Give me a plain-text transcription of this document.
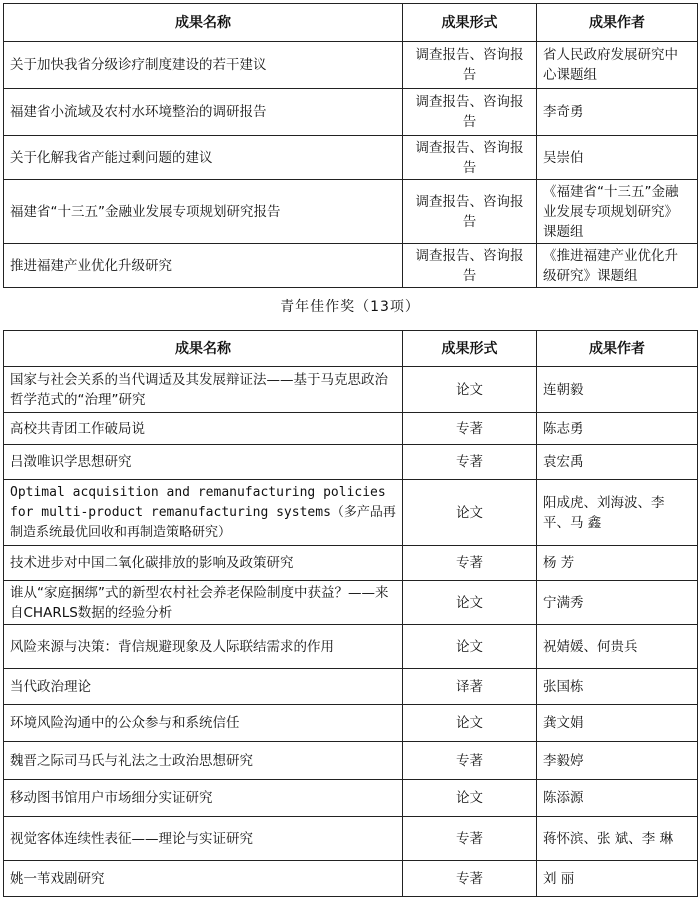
成果名称	成果形式	成果作者
关于加快我省分级诊疗制度建设的若干建议	调查报告、咨询报告	省人民政府发展研究中心课题组
福建省小流域及农村水环境整治的调研报告	调查报告、咨询报告	李奇勇
关于化解我省产能过剩问题的建议	调查报告、咨询报告	吴崇伯
福建省“十三五”金融业发展专项规划研究报告	调查报告、咨询报告	《福建省“十三五”金融业发展专项规划研究》课题组
推进福建产业优化升级研究	调查报告、咨询报告	《推进福建产业优化升级研究》课题组
青年佳作奖（13项）
成果名称	成果形式	成果作者
国家与社会关系的当代调适及其发展辩证法——基于马克思政治哲学范式的“治理”研究	论文	连朝毅
高校共青团工作破局说	专著	陈志勇
吕澂唯识学思想研究	专著	袁宏禹
Optimal acquisition and remanufacturing policies for multi-product remanufacturing systems（多产品再制造系统最优回收和再制造策略研究）	论文	阳成虎、刘海波、李 平、马 鑫
技术进步对中国二氧化碳排放的影响及政策研究	专著	杨 芳
谁从“家庭捆绑”式的新型农村社会养老保险制度中获益？——来自CHARLS数据的经验分析	论文	宁满秀
风险来源与决策：背信规避现象及人际联结需求的作用	论文	祝婧媛、何贵兵
当代政治理论	译著	张国栋
环境风险沟通中的公众参与和系统信任	论文	龚文娟
魏晋之际司马氏与礼法之士政治思想研究	专著	李毅婷
移动图书馆用户市场细分实证研究	论文	陈添源
视觉客体连续性表征——理论与实证研究	专著	蒋怀滨、张 斌、李 琳
姚一苇戏剧研究	专著	刘 丽
